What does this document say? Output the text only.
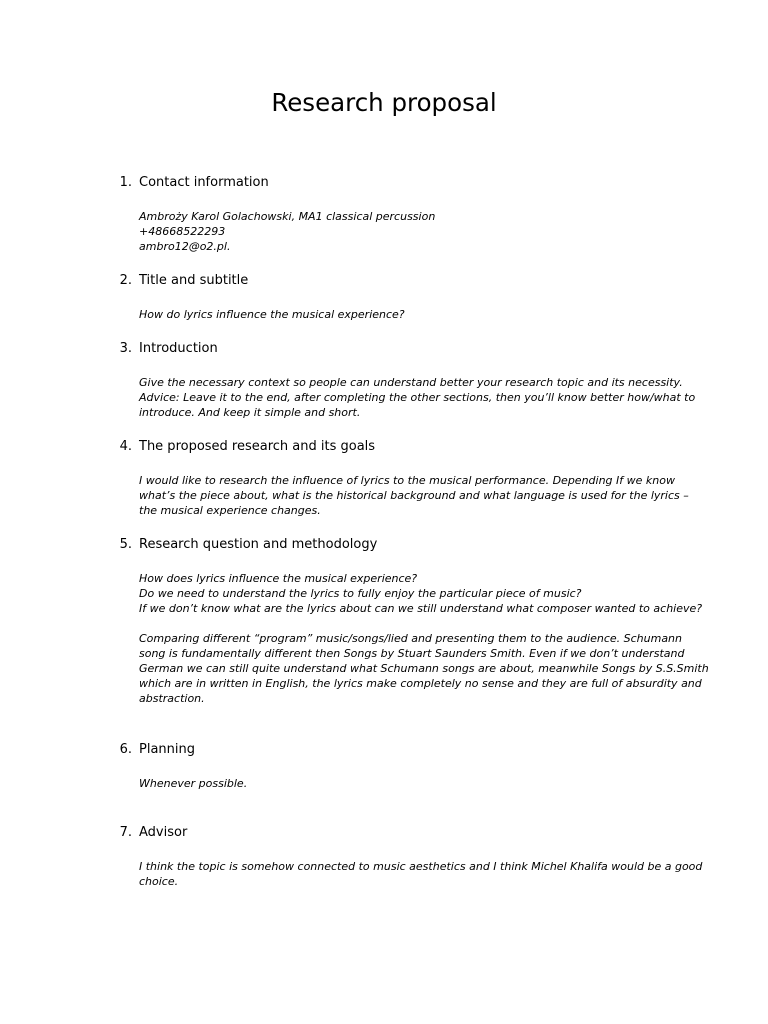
Research proposal
1. Contact information
Ambroży Karol Golachowski, MA1 classical percussion
+48668522293
ambro12@o2.pl.
2. Title and subtitle
How do lyrics influence the musical experience?
3. Introduction
Give the necessary context so people can understand better your research topic and its necessity.
Advice: Leave it to the end, after completing the other sections, then you’ll know better how/what to
introduce. And keep it simple and short.
4. The proposed research and its goals
I would like to research the influence of lyrics to the musical performance. Depending If we know
what’s the piece about, what is the historical background and what language is used for the lyrics –
the musical experience changes.
5. Research question and methodology
How does lyrics influence the musical experience?
Do we need to understand the lyrics to fully enjoy the particular piece of music?
If we don’t know what are the lyrics about can we still understand what composer wanted to achieve?
Comparing different “program” music/songs/lied and presenting them to the audience. Schumann
song is fundamentally different then Songs by Stuart Saunders Smith. Even if we don’t understand
German we can still quite understand what Schumann songs are about, meanwhile Songs by S.S.Smith
which are in written in English, the lyrics make completely no sense and they are full of absurdity and
abstraction.
6. Planning
Whenever possible.
7. Advisor
I think the topic is somehow connected to music aesthetics and I think Michel Khalifa would be a good
choice.
